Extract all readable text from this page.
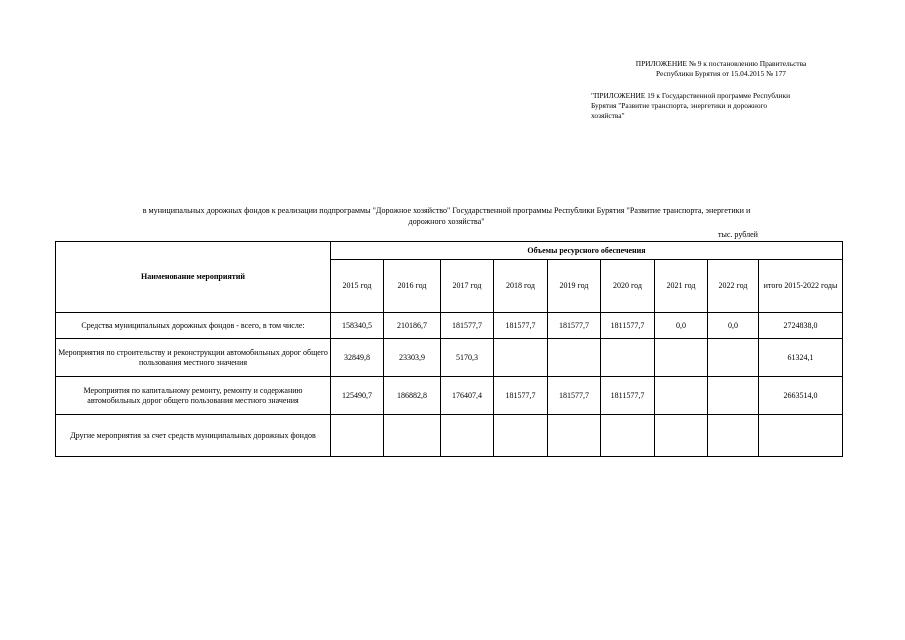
ПРИЛОЖЕНИЕ № 9 к постановлению Правительства
Республики Бурятия от 15.04.2015 № 177
"ПРИЛОЖЕНИЕ 19 к Государственной программе Республики
Бурятия "Развитие транспорта, энергетики и дорожного
хозяйства"
в муниципальных дорожных фондов к реализации подпрограммы "Дорожное хозяйство" Государственной программы Республики Бурятия "Развитие транспорта, энергетики и
дорожного хозяйства"
тыс. рублей
Наименование мероприятий	Объемы ресурсного обеспечения								
	2015 год	2016 год	2017 год	2018 год	2019 год	2020 год	2021 год	2022 год	итого 2015-2022 годы
Средства муниципальных дорожных фондов - всего, в том числе:	158340,5	210186,7	181577,7	181577,7	181577,7	1811577,7	0,0	0,0	2724838,0
Мероприятия по строительству и реконструкции автомобильных дорог общего пользования местного значения	32849,8	23303,9	5170,3						61324,1
Мероприятия по капитальному ремонту, ремонту и содержанию автомобильных дорог общего пользования местного значения	125490,7	186882,8	176407,4	181577,7	181577,7	1811577,7			2663514,0
Другие мероприятия за счет средств муниципальных дорожных фондов									
